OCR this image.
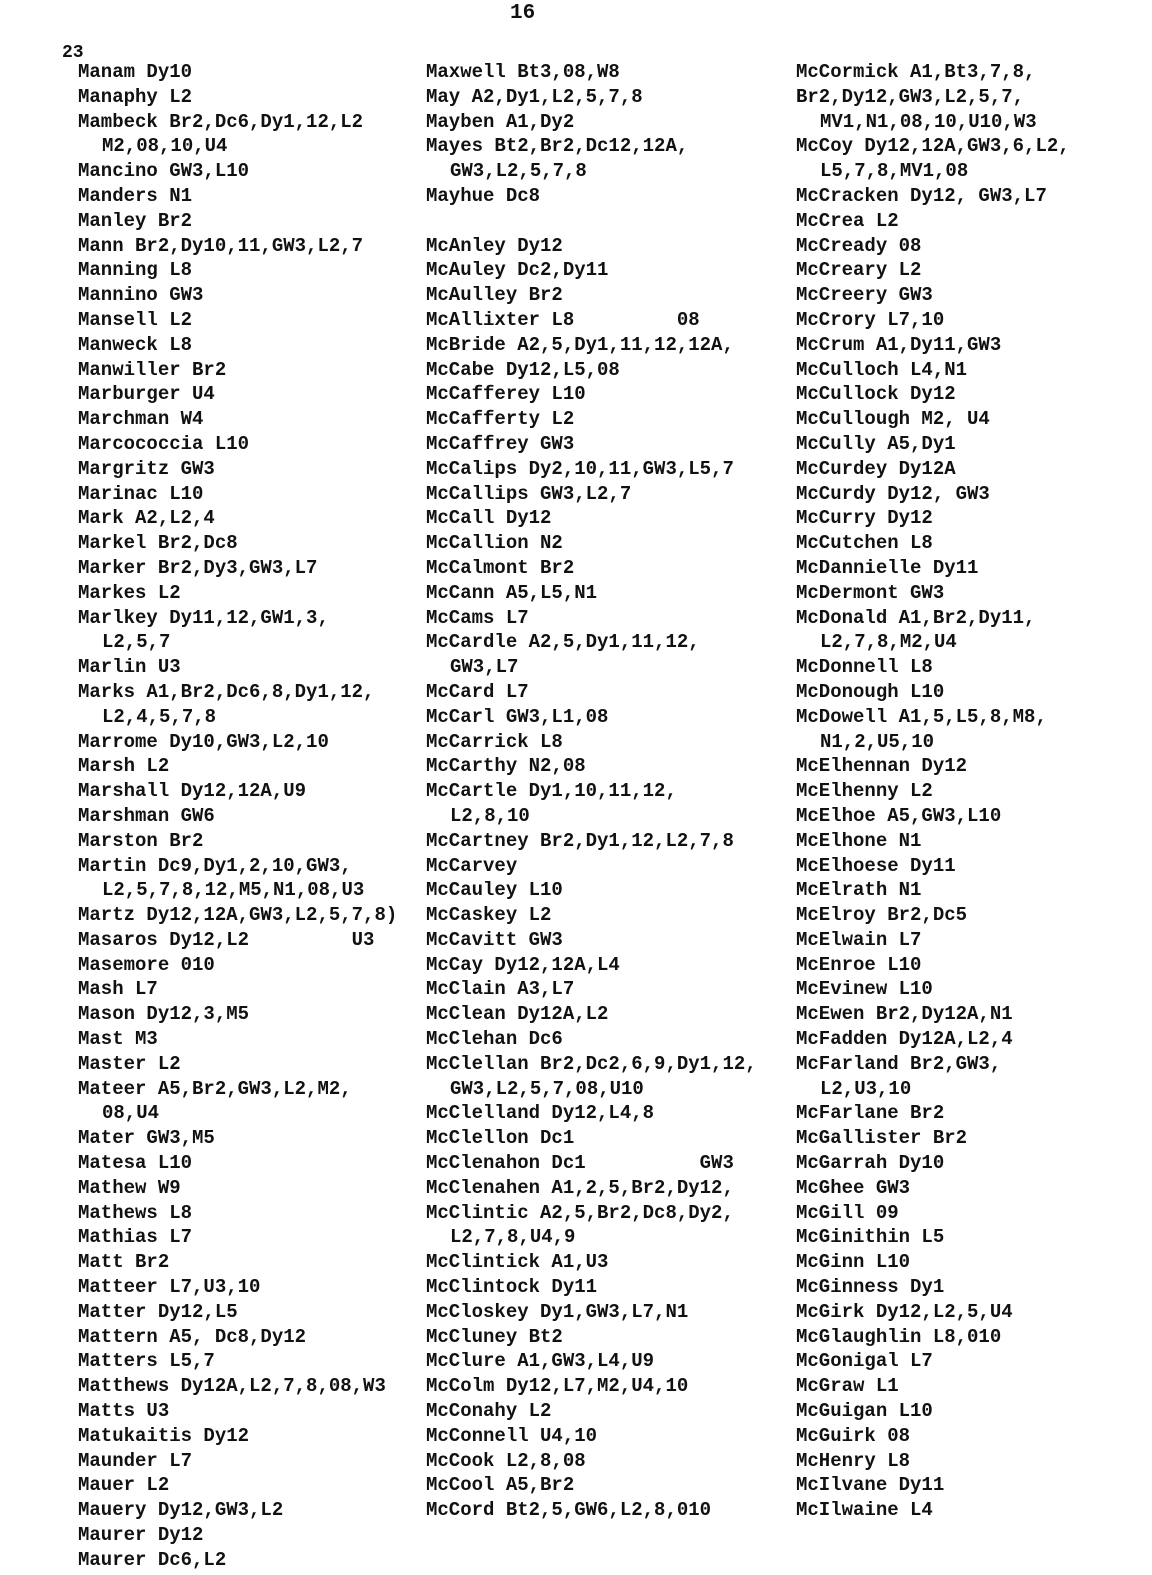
16
23
Manam Dy10
Manaphy L2
Mambeck Br2,Dc6,Dy1,12,L2
M2,08,10,U4
Mancino GW3,L10
Manders N1
Manley Br2
Mann Br2,Dy10,11,GW3,L2,7
Manning L8
Mannino GW3
Mansell L2
Manweck L8
Manwiller Br2
Marburger U4
Marchman W4
Marcococcia L10
Margritz GW3
Marinac L10
Mark A2,L2,4
Markel Br2,Dc8
Marker Br2,Dy3,GW3,L7
Markes L2
Marlkey Dy11,12,GW1,3,
L2,5,7
Marlin U3
Marks A1,Br2,Dc6,8,Dy1,12,
L2,4,5,7,8
Marrome Dy10,GW3,L2,10
Marsh L2
Marshall Dy12,12A,U9
Marshman GW6
Marston Br2
Martin Dc9,Dy1,2,10,GW3,
L2,5,7,8,12,M5,N1,08,U3
Martz Dy12,12A,GW3,L2,5,7,8)
Masaros Dy12,L2         U3
Masemore 010
Mash L7
Mason Dy12,3,M5
Mast M3
Master L2
Mateer A5,Br2,GW3,L2,M2,
08,U4
Mater GW3,M5
Matesa L10
Mathew W9
Mathews L8
Mathias L7
Matt Br2
Matteer L7,U3,10
Matter Dy12,L5
Mattern A5, Dc8,Dy12
Matters L5,7
Matthews Dy12A,L2,7,8,08,W3
Matts U3
Matukaitis Dy12
Maunder L7
Mauer L2
Mauery Dy12,GW3,L2
Maurer Dy12
Maurer Dc6,L2
Maxwell Bt3,08,W8
May A2,Dy1,L2,5,7,8
Mayben A1,Dy2
Mayes Bt2,Br2,Dc12,12A,
GW3,L2,5,7,8
Mayhue Dc8
McAnley Dy12
McAuley Dc2,Dy11
McAulley Br2
McAllixter L8         08
McBride A2,5,Dy1,11,12,12A,
McCabe Dy12,L5,08
McCafferey L10
McCafferty L2
McCaffrey GW3
McCalips Dy2,10,11,GW3,L5,7
McCallips GW3,L2,7
McCall Dy12
McCallion N2
McCalmont Br2
McCann A5,L5,N1
McCams L7
McCardle A2,5,Dy1,11,12,
GW3,L7
McCard L7
McCarl GW3,L1,08
McCarrick L8
McCarthy N2,08
McCartle Dy1,10,11,12,
L2,8,10
McCartney Br2,Dy1,12,L2,7,8
McCarvey
McCauley L10
McCaskey L2
McCavitt GW3
McCay Dy12,12A,L4
McClain A3,L7
McClean Dy12A,L2
McClehan Dc6
McClellan Br2,Dc2,6,9,Dy1,12,
GW3,L2,5,7,08,U10
McClelland Dy12,L4,8
McClellon Dc1
McClenahon Dc1          GW3
McClenahen A1,2,5,Br2,Dy12,
McClintic A2,5,Br2,Dc8,Dy2,
L2,7,8,U4,9
McClintick A1,U3
McClintock Dy11
McCloskey Dy1,GW3,L7,N1
McCluney Bt2
McClure A1,GW3,L4,U9
McColm Dy12,L7,M2,U4,10
McConahy L2
McConnell U4,10
McCook L2,8,08
McCool A5,Br2
McCord Bt2,5,GW6,L2,8,010
McCormick A1,Bt3,7,8,
Br2,Dy12,GW3,L2,5,7,
MV1,N1,08,10,U10,W3
McCoy Dy12,12A,GW3,6,L2,
L5,7,8,MV1,08
McCracken Dy12, GW3,L7
McCrea L2
McCready 08
McCreary L2
McCreery GW3
McCrory L7,10
McCrum A1,Dy11,GW3
McCulloch L4,N1
McCullock Dy12
McCullough M2, U4
McCully A5,Dy1
McCurdey Dy12A
McCurdy Dy12, GW3
McCurry Dy12
McCutchen L8
McDannielle Dy11
McDermont GW3
McDonald A1,Br2,Dy11,
L2,7,8,M2,U4
McDonnell L8
McDonough L10
McDowell A1,5,L5,8,M8,
N1,2,U5,10
McElhennan Dy12
McElhenny L2
McElhoe A5,GW3,L10
McElhone N1
McElhoese Dy11
McElrath N1
McElroy Br2,Dc5
McElwain L7
McEnroe L10
McEvinew L10
McEwen Br2,Dy12A,N1
McFadden Dy12A,L2,4
McFarland Br2,GW3,
L2,U3,10
McFarlane Br2
McGallister Br2
McGarrah Dy10
McGhee GW3
McGill 09
McGinithin L5
McGinn L10
McGinness Dy1
McGirk Dy12,L2,5,U4
McGlaughlin L8,010
McGonigal L7
McGraw L1
McGuigan L10
McGuirk 08
McHenry L8
McIlvane Dy11
McIlwaine L4
